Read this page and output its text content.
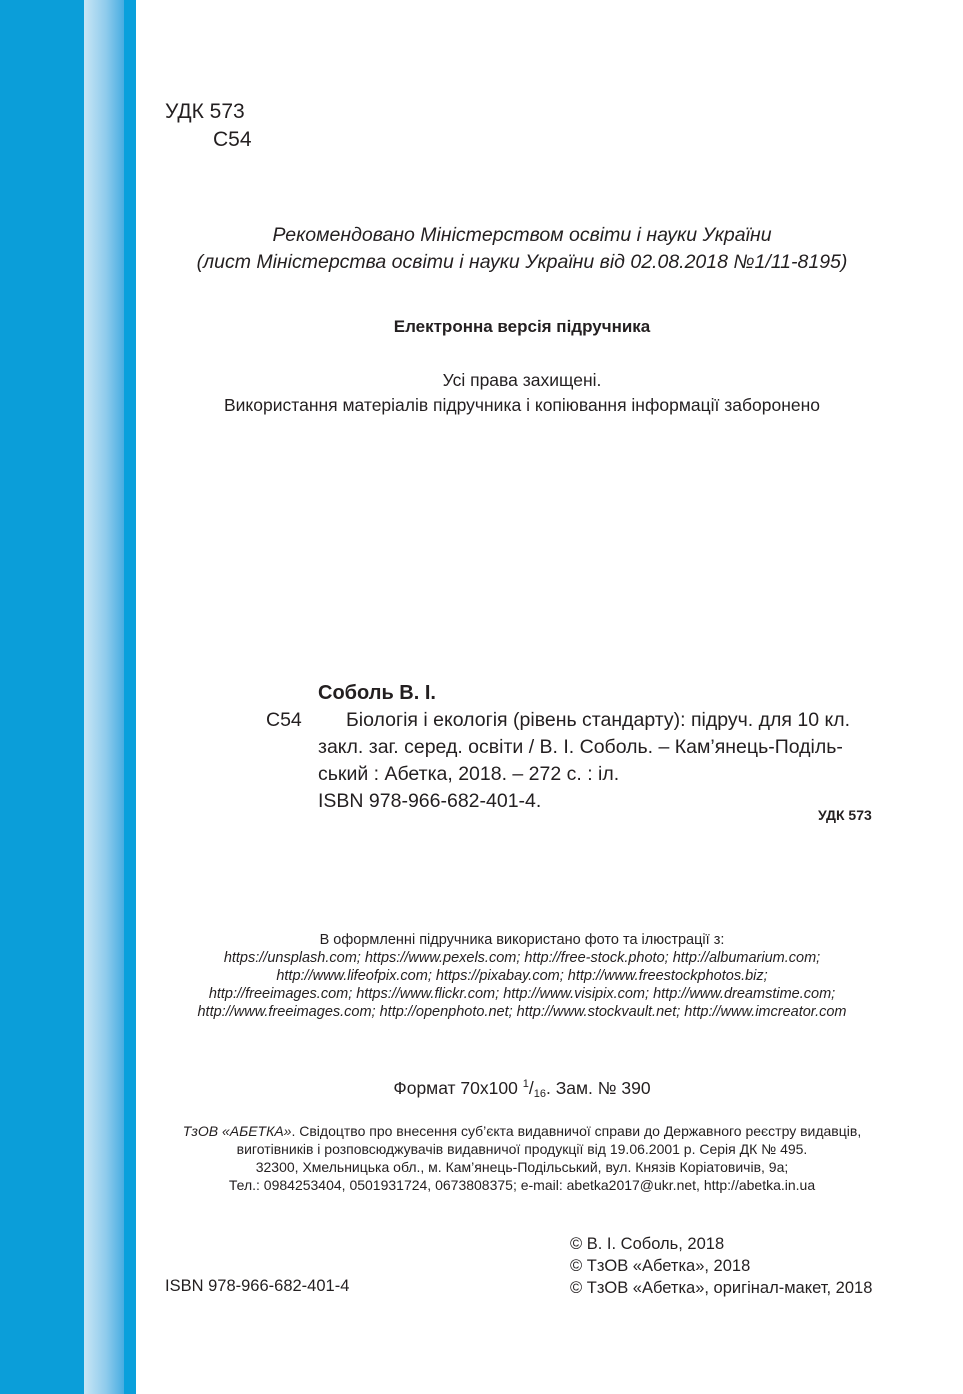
УДК 573
С54
Рекомендовано Міністерством освіти і науки України
(лист Міністерства освіти і науки України від 02.08.2018 №1/11-8195)
Електронна версія підручника
Усі права захищені.
Використання матеріалів підручника і копіювання інформації заборонено
С54
Соболь В. І.
Біологія і екологія (рівень стандарту): підруч. для 10 кл.
закл. заг. серед. освіти / В. І. Соболь. – Кам’янець-Поділь-
ський : Абетка, 2018. – 272 с. : іл.
ISBN 978-966-682-401-4.
УДК 573
В оформленні підручника використано фото та ілюстрації з:
https://unsplash.com; https://www.pexels.com; http://free-stock.photo; http://albumarium.com;
http://www.lifeofpix.com; https://pixabay.com; http://www.freestockphotos.biz;
http://freeimages.com; https://www.flickr.com; http://www.visipix.com; http://www.dreamstime.com;
http://www.freeimages.com; http://openphoto.net; http://www.stockvault.net; http://www.imcreator.com
Формат 70x100 $^1/_{16}$. Зам. № 390
ТзОВ «АБЕТКА». Свідоцтво про внесення суб’єкта видавничої справи до Державного реєстру видавців,
виготівників і розповсюджувачів видавничої продукції від 19.06.2001 р. Серія ДК № 495.
32300, Хмельницька обл., м. Кам’янець-Подільський, вул. Князів Коріатовичів, 9а;
Тел.: 0984253404, 0501931724, 0673808375; e-mail: abetka2017@ukr.net, http://abetka.in.ua
ISBN 978-966-682-401-4
© В. І. Соболь, 2018
© ТзОВ «Абетка», 2018
© ТзОВ «Абетка», оригінал-макет, 2018
